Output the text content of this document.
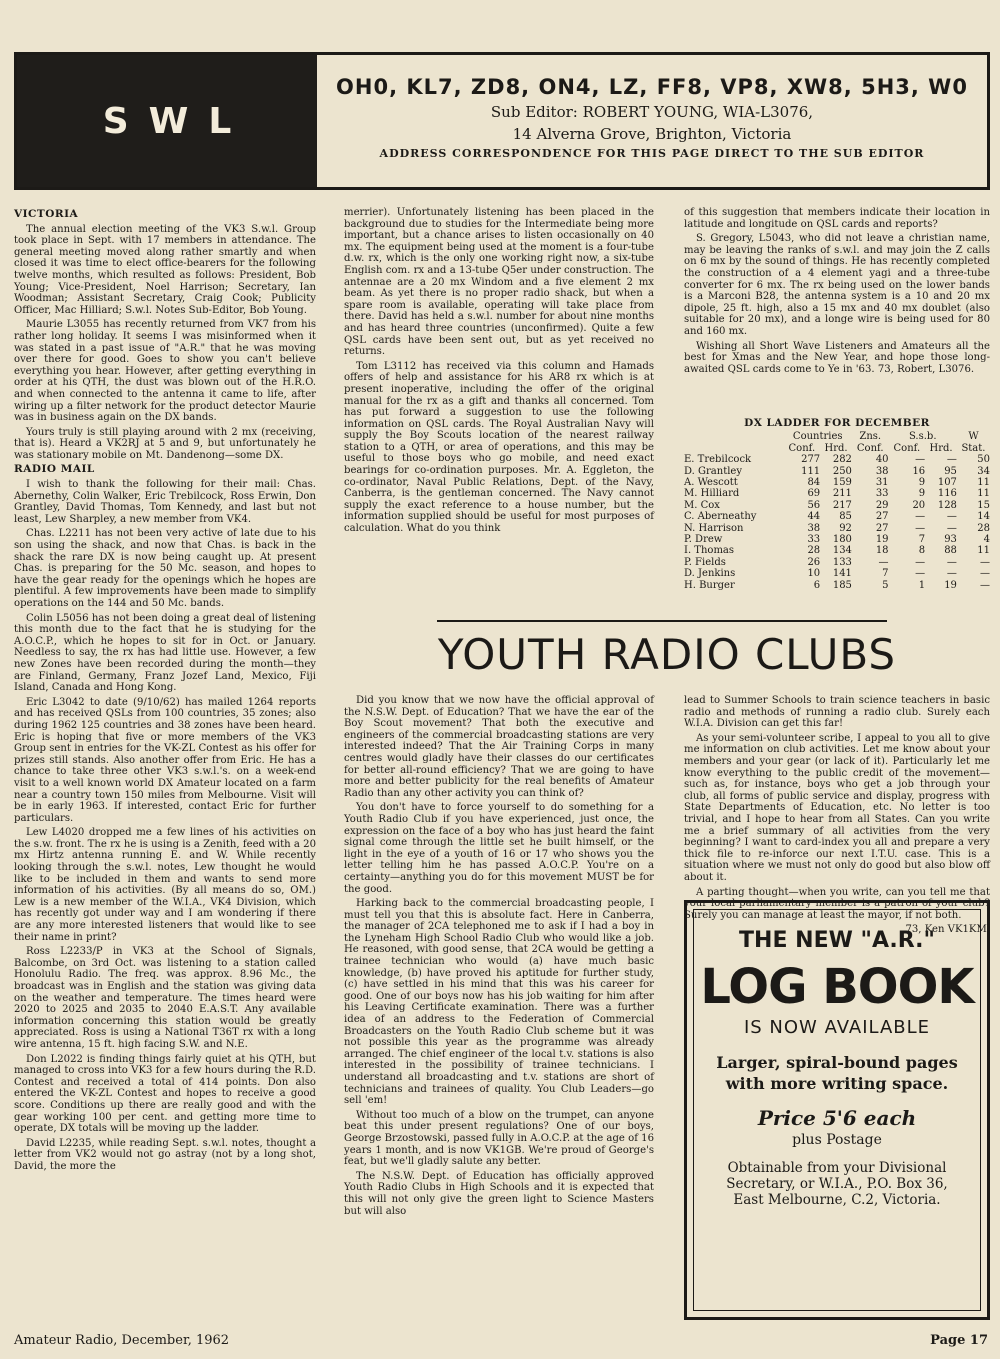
SWL
OH0, KL7, ZD8, ON4, LZ, FF8, VP8, XW8, 5H3, W0
Sub Editor: ROBERT YOUNG, WIA-L3076,
14 Alverna Grove, Brighton, Victoria
ADDRESS CORRESPONDENCE FOR THIS PAGE DIRECT TO THE SUB EDITOR
VICTORIA

The annual election meeting of the VK3 S.w.l. Group took place in Sept. with 17 members in attendance. The general meeting moved along rather smartly and when closed it was time to elect office-bearers for the following twelve months, which resulted as follows: President, Bob Young; Vice-President, Noel Harrison; Secretary, Ian Woodman; Assistant Secretary, Craig Cook; Publicity Officer, Mac Hilliard; S.w.l. Notes Sub-Editor, Bob Young.

Maurie L3055 has recently returned from VK7 from his rather long holiday. It seems I was misinformed when it was stated in a past issue of "A.R." that he was moving over there for good. Goes to show you can't believe everything you hear. However, after getting everything in order at his QTH, the dust was blown out of the H.R.O. and when connected to the antenna it came to life, after wiring up a filter network for the product detector Maurie was in business again on the DX bands.

Yours truly is still playing around with 2 mx (receiving, that is). Heard a VK2RJ at 5 and 9, but unfortunately he was stationary mobile on Mt. Dandenong—some DX.

RADIO MAIL

I wish to thank the following for their mail: Chas. Abernethy, Colin Walker, Eric Trebilcock, Ross Erwin, Don Grantley, David Thomas, Tom Kennedy, and last but not least, Lew Sharpley, a new member from VK4.

Chas. L2211 has not been very active of late due to his son using the shack, and now that Chas. is back in the shack the rare DX is now being caught up. At present Chas. is preparing for the 50 Mc. season, and hopes to have the gear ready for the openings which he hopes are plentiful. A few improvements have been made to simplify operations on the 144 and 50 Mc. bands.

Colin L5056 has not been doing a great deal of listening this month due to the fact that he is studying for the A.O.C.P., which he hopes to sit for in Oct. or January. Needless to say, the rx has had little use. However, a few new Zones have been recorded during the month—they are Finland, Germany, Franz Jozef Land, Mexico, Fiji Island, Canada and Hong Kong.

Eric L3042 to date (9/10/62) has mailed 1264 reports and has received QSLs from 100 countries, 35 zones; also during 1962 125 countries and 38 zones have been heard. Eric is hoping that five or more members of the VK3 Group sent in entries for the VK-ZL Contest as his offer for prizes still stands. Also another offer from Eric. He has a chance to take three other VK3 s.w.l.'s. on a week-end visit to a well known world DX Amateur located on a farm near a country town 150 miles from Melbourne. Visit will be in early 1963. If interested, contact Eric for further particulars.

Lew L4020 dropped me a few lines of his activities on the s.w. front. The rx he is using is a Zenith, feed with a 20 mx Hirtz antenna running E. and W. While recently looking through the s.w.l. notes, Lew thought he would like to be included in them and wants to send more information of his activities. (By all means do so, OM.) Lew is a new member of the W.I.A., VK4 Division, which has recently got under way and I am wondering if there are any more interested listeners that would like to see their name in print?

Ross L2233/P in VK3 at the School of Signals, Balcombe, on 3rd Oct. was listening to a station called Honolulu Radio. The freq. was approx. 8.96 Mc., the broadcast was in English and the station was giving data on the weather and temperature. The times heard were 2020 to 2025 and 2035 to 2040 E.A.S.T. Any available information concerning this station would be greatly appreciated. Ross is using a National T36T rx with a long wire antenna, 15 ft. high facing S.W. and N.E.

Don L2022 is finding things fairly quiet at his QTH, but managed to cross into VK3 for a few hours during the R.D. Contest and received a total of 414 points. Don also entered the VK-ZL Contest and hopes to receive a good score. Conditions up there are really good and with the gear working 100 per cent. and getting more time to operate, DX totals will be moving up the ladder.

David L2235, while reading Sept. s.w.l. notes, thought a letter from VK2 would not go astray (not by a long shot, David, the more the

merrier). Unfortunately listening has been placed in the background due to studies for the Intermediate being more important, but a chance arises to listen occasionally on 40 mx. The equipment being used at the moment is a four-tube d.w. rx, which is the only one working right now, a six-tube English com. rx and a 13-tube Q5er under construction. The antennae are a 20 mx Windom and a five element 2 mx beam. As yet there is no proper radio shack, but when a spare room is available, operating will take place from there. David has held a s.w.l. number for about nine months and has heard three countries (unconfirmed). Quite a few QSL cards have been sent out, but as yet received no returns.

Tom L3112 has received via this column and Hamads offers of help and assistance for his AR8 rx which is at present inoperative, including the offer of the original manual for the rx as a gift and thanks all concerned. Tom has put forward a suggestion to use the following information on QSL cards. The Royal Australian Navy will supply the Boy Scouts location of the nearest railway station to a QTH, or area of operations, and this may be useful to those boys who go mobile, and need exact bearings for co-ordination purposes. Mr. A. Eggleton, the co-ordinator, Naval Public Relations, Dept. of the Navy, Canberra, is the gentleman concerned. The Navy cannot supply the exact reference to a house number, but the information supplied should be useful for most purposes of calculation. What do you think

of this suggestion that members indicate their location in latitude and longitude on QSL cards and reports?

S. Gregory, L5043, who did not leave a christian name, may be leaving the ranks of s.w.l. and may join the Z calls on 6 mx by the sound of things. He has recently completed the construction of a 4 element yagi and a three-tube converter for 6 mx. The rx being used on the lower bands is a Marconi B28, the antenna system is a 10 and 20 mx dipole, 25 ft. high, also a 15 mx and 40 mx doublet (also suitable for 20 mx), and a longe wire is being used for 80 and 160 mx.

Wishing all Short Wave Listeners and Amateurs all the best for Xmas and the New Year, and hope those long-awaited QSL cards come to Ye in '63. 73, Robert, L3076.

DX LADDER FOR DECEMBER
	Countries		Zns.	S.s.b.		W
	Conf.	Hrd.	Conf.	Conf.	Hrd.	Stat.
E. Trebilcock	277	282	40	—	—	50
D. Grantley	111	250	38	16	95	34
A. Wescott	84	159	31	9	107	11
M. Hilliard	69	211	33	9	116	11
M. Cox	56	217	29	20	128	15
C. Aberneathy	44	85	27	—	—	14
N. Harrison	38	92	27	—	—	28
P. Drew	33	180	19	7	93	4
I. Thomas	28	134	18	8	88	11
P. Fields	26	133	—	—	—	—
D. Jenkins	10	141	7	—	—	—
H. Burger	6	185	5	1	19	—
YOUTH RADIO CLUBS

Did you know that we now have the official approval of the N.S.W. Dept. of Education? That we have the ear of the Boy Scout movement? That both the executive and engineers of the commercial broadcasting stations are very interested indeed? That the Air Training Corps in many centres would gladly have their classes do our certificates for better all-round efficiency? That we are going to have more and better publicity for the real benefits of Amateur Radio than any other activity you can think of?

You don't have to force yourself to do something for a Youth Radio Club if you have experienced, just once, the expression on the face of a boy who has just heard the faint signal come through the little set he built himself, or the light in the eye of a youth of 16 or 17 who shows you the letter telling him he has passed A.O.C.P. You're on a certainty—anything you do for this movement MUST be for the good.

Harking back to the commercial broadcasting people, I must tell you that this is absolute fact. Here in Canberra, the manager of 2CA telephoned me to ask if I had a boy in the Lyneham High School Radio Club who would like a job. He reasoned, with good sense, that 2CA would be getting a trainee technician who would (a) have much basic knowledge, (b) have proved his aptitude for further study, (c) have settled in his mind that this was his career for good. One of our boys now has his job waiting for him after his Leaving Certificate examination. There was a further idea of an address to the Federation of Commercial Broadcasters on the Youth Radio Club scheme but it was not possible this year as the programme was already arranged. The chief engineer of the local t.v. stations is also interested in the possibility of trainee technicians. I understand all broadcasting and t.v. stations are short of technicians and trainees of quality. You Club Leaders—go sell 'em!

Without too much of a blow on the trumpet, can anyone beat this under present regulations? One of our boys, George Brzostowski, passed fully in A.O.C.P. at the age of 16 years 1 month, and is now VK1GB. We're proud of George's feat, but we'll gladly salute any better.

The N.S.W. Dept. of Education has officially approved Youth Radio Clubs in High Schools and it is expected that this will not only give the green light to Science Masters but will also

lead to Summer Schools to train science teachers in basic radio and methods of running a radio club. Surely each W.I.A. Division can get this far!

As your semi-volunteer scribe, I appeal to you all to give me information on club activities. Let me know about your members and your gear (or lack of it). Particularly let me know everything to the public credit of the movement—such as, for instance, boys who get a job through your club, all forms of public service and display, progress with State Departments of Education, etc. No letter is too trivial, and I hope to hear from all States. Can you write me a brief summary of all activities from the very beginning? I want to card-index you all and prepare a very thick file to re-inforce our next I.T.U. case. This is a situation where we must not only do good but also blow off about it.

A parting thought—when you write, can you tell me that your local parliamentary member is a patron of your club? Surely you can manage at least the mayor, if not both.

73, Ken VK1KM.

THE NEW "A.R."
LOG BOOK
IS NOW AVAILABLE
Larger, spiral-bound pages
with more writing space.
Price 5'6 each
plus Postage
Obtainable from your Divisional
Secretary, or W.I.A., P.O. Box 36,
East Melbourne, C.2, Victoria.
Amateur Radio, December, 1962	Page 17
